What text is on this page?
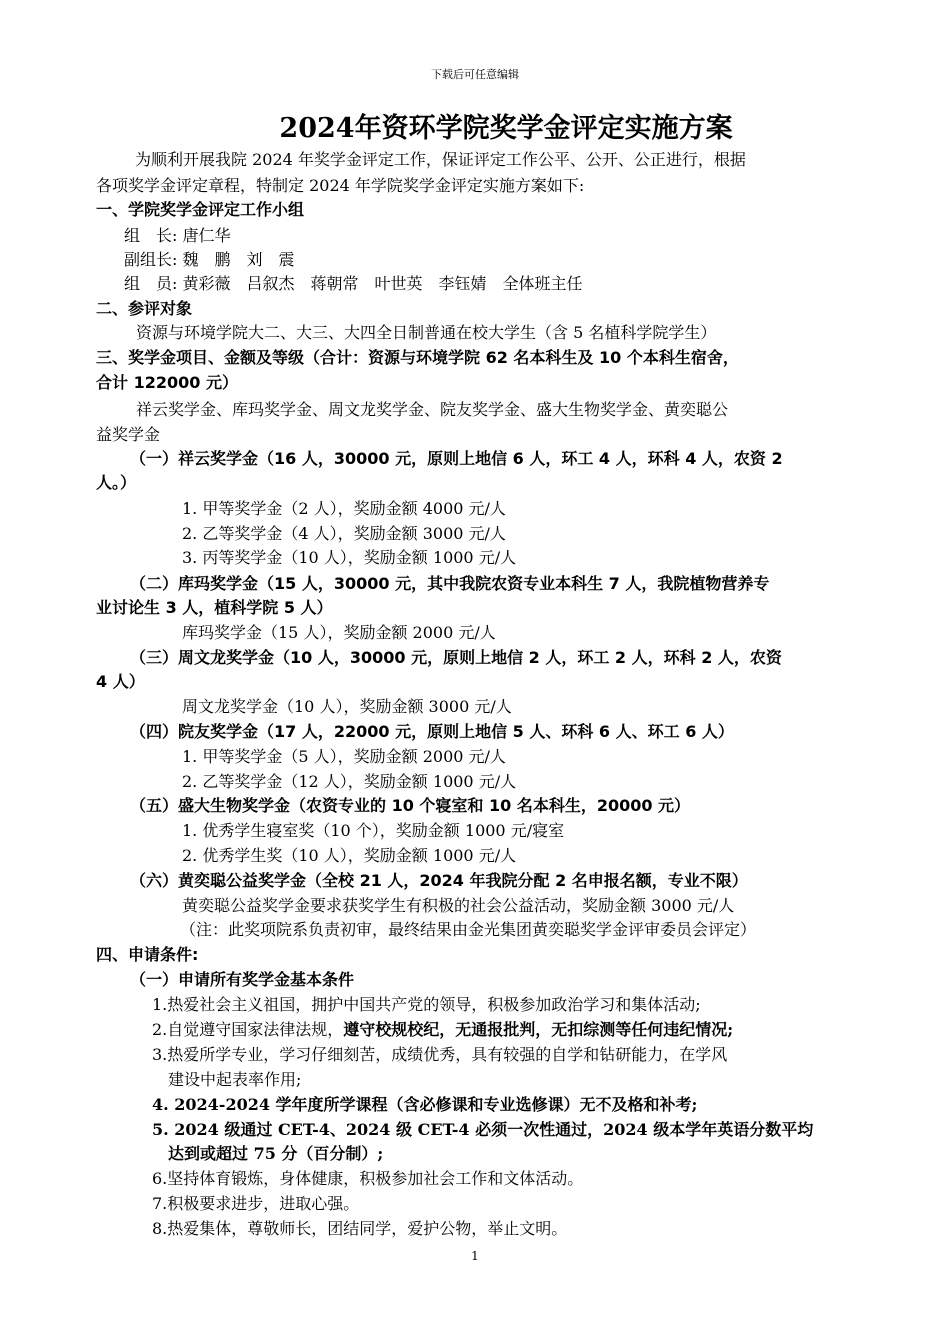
下载后可任意编辑
2024年资环学院奖学金评定实施方案
为顺利开展我院 2024 年奖学金评定工作，保证评定工作公平、公开、公正进行，根据
各项奖学金评定章程，特制定 2024 年学院奖学金评定实施方案如下:
一、学院奖学金评定工作小组
组　长: 唐仁华
副组长: 魏　鹏　刘　震
组　员: 黄彩薇　吕叙杰　蒋朝常　叶世英　李钰婧　全体班主任
二、参评对象
资源与环境学院大二、大三、大四全日制普通在校大学生（含 5 名植科学院学生）
三、奖学金项目、金额及等级（合计：资源与环境学院 62 名本科生及 10 个本科生宿舍，
合计 122000 元）
祥云奖学金、库玛奖学金、周文龙奖学金、院友奖学金、盛大生物奖学金、黄奕聪公
益奖学金
（一）祥云奖学金（16 人，30000 元，原则上地信 6 人，环工 4 人，环科 4 人，农资 2
人。）
1. 甲等奖学金（2 人），奖励金额 4000 元/人
2. 乙等奖学金（4 人），奖励金额 3000 元/人
3. 丙等奖学金（10 人），奖励金额 1000 元/人
（二）库玛奖学金（15 人，30000 元，其中我院农资专业本科生 7 人，我院植物营养专
业讨论生 3 人，植科学院 5 人）
库玛奖学金（15 人），奖励金额 2000 元/人
（三）周文龙奖学金（10 人，30000 元，原则上地信 2 人，环工 2 人，环科 2 人，农资
4 人）
周文龙奖学金（10 人），奖励金额 3000 元/人
（四）院友奖学金（17 人，22000 元，原则上地信 5 人、环科 6 人、环工 6 人）
1. 甲等奖学金（5 人），奖励金额 2000 元/人
2. 乙等奖学金（12 人），奖励金额 1000 元/人
（五）盛大生物奖学金（农资专业的 10 个寝室和 10 名本科生，20000 元）
1. 优秀学生寝室奖（10 个），奖励金额 1000 元/寝室
2. 优秀学生奖（10 人），奖励金额 1000 元/人
（六）黄奕聪公益奖学金（全校 21 人，2024 年我院分配 2 名申报名额，专业不限）
黄奕聪公益奖学金要求获奖学生有积极的社会公益活动，奖励金额 3000 元/人
（注：此奖项院系负责初审，最终结果由金光集团黄奕聪奖学金评审委员会评定）
四、申请条件:
（一）申请所有奖学金基本条件
1.热爱社会主义祖国，拥护中国共产党的领导，积极参加政治学习和集体活动;
2.自觉遵守国家法律法规，遵守校规校纪，无通报批判，无扣综测等任何违纪情况;
3.热爱所学专业，学习仔细刻苦，成绩优秀，具有较强的自学和钻研能力，在学风
建设中起表率作用;
4. 2024-2024 学年度所学课程（含必修课和专业选修课）无不及格和补考;
5. 2024 级通过 CET-4、2024 级 CET-4 必须一次性通过，2024 级本学年英语分数平均
达到或超过 75 分（百分制）;
6.坚持体育锻炼，身体健康，积极参加社会工作和文体活动。
7.积极要求进步，进取心强。
8.热爱集体，尊敬师长，团结同学，爱护公物，举止文明。
1
